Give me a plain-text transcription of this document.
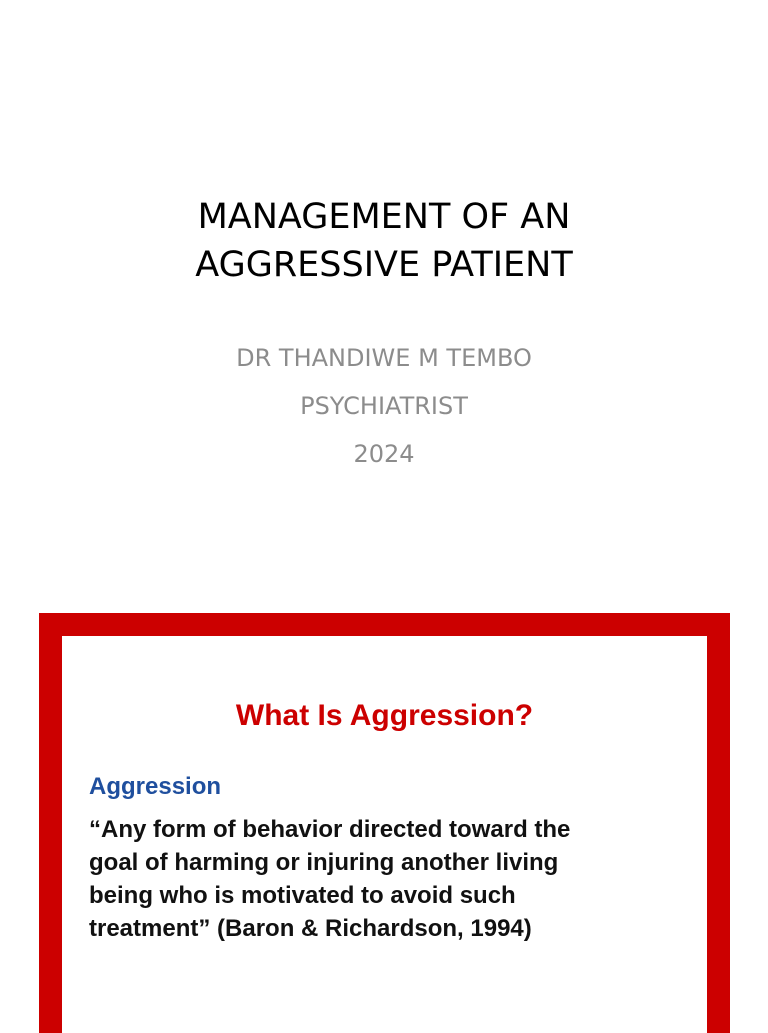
MANAGEMENT OF AN
AGGRESSIVE PATIENT
DR THANDIWE M TEMBO
PSYCHIATRIST
2024
What Is Aggression?
Aggression

“Any form of behavior directed toward the
goal of harming or injuring another living
being who is motivated to avoid such
treatment” (Baron & Richardson, 1994)
